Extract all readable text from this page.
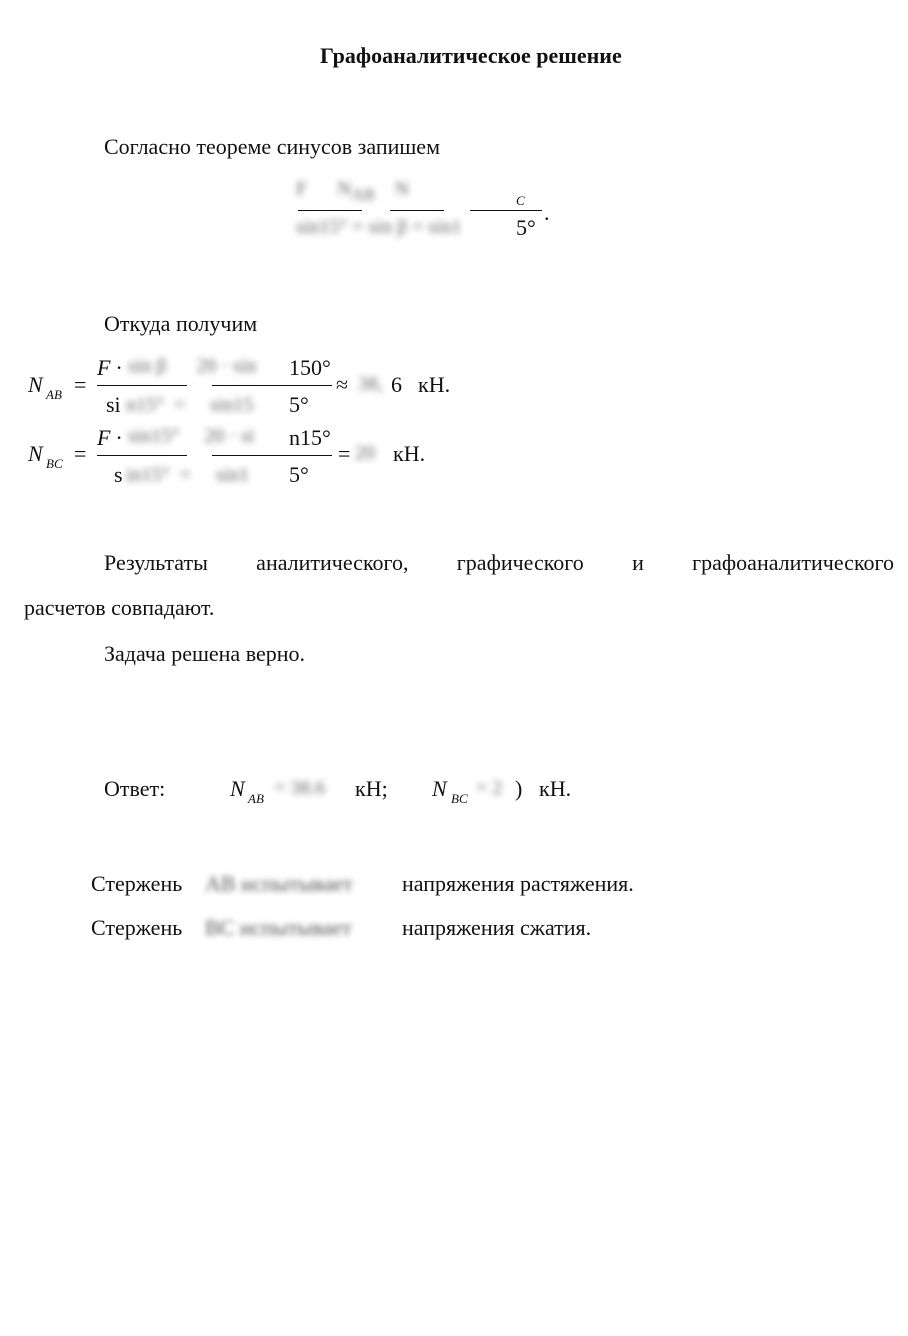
Графоаналитическое решение
Согласно теореме синусов запишем
F      $N_{AB}$    N
sin15° = sin β = sin1
C
5°
.
Откуда получим
N AB =
F ·
si
sin β      20 · sin
n15°  =     sin15
150°
5°
≈ 38, 6 кН.
N BC =
F ·
s
sin15°     20 · si
in15°  =     sin1
n15°
5°
= 20 кН.
Результаты аналитического, графического и графоаналитического
расчетов совпадают.
Задача решена верно.
Ответ:	N AB = 38.6 кН; N BC = 2 ) кН.
Стержень AB испытывает напряжения растяжения.
Стержень BC испытывает напряжения сжатия.
